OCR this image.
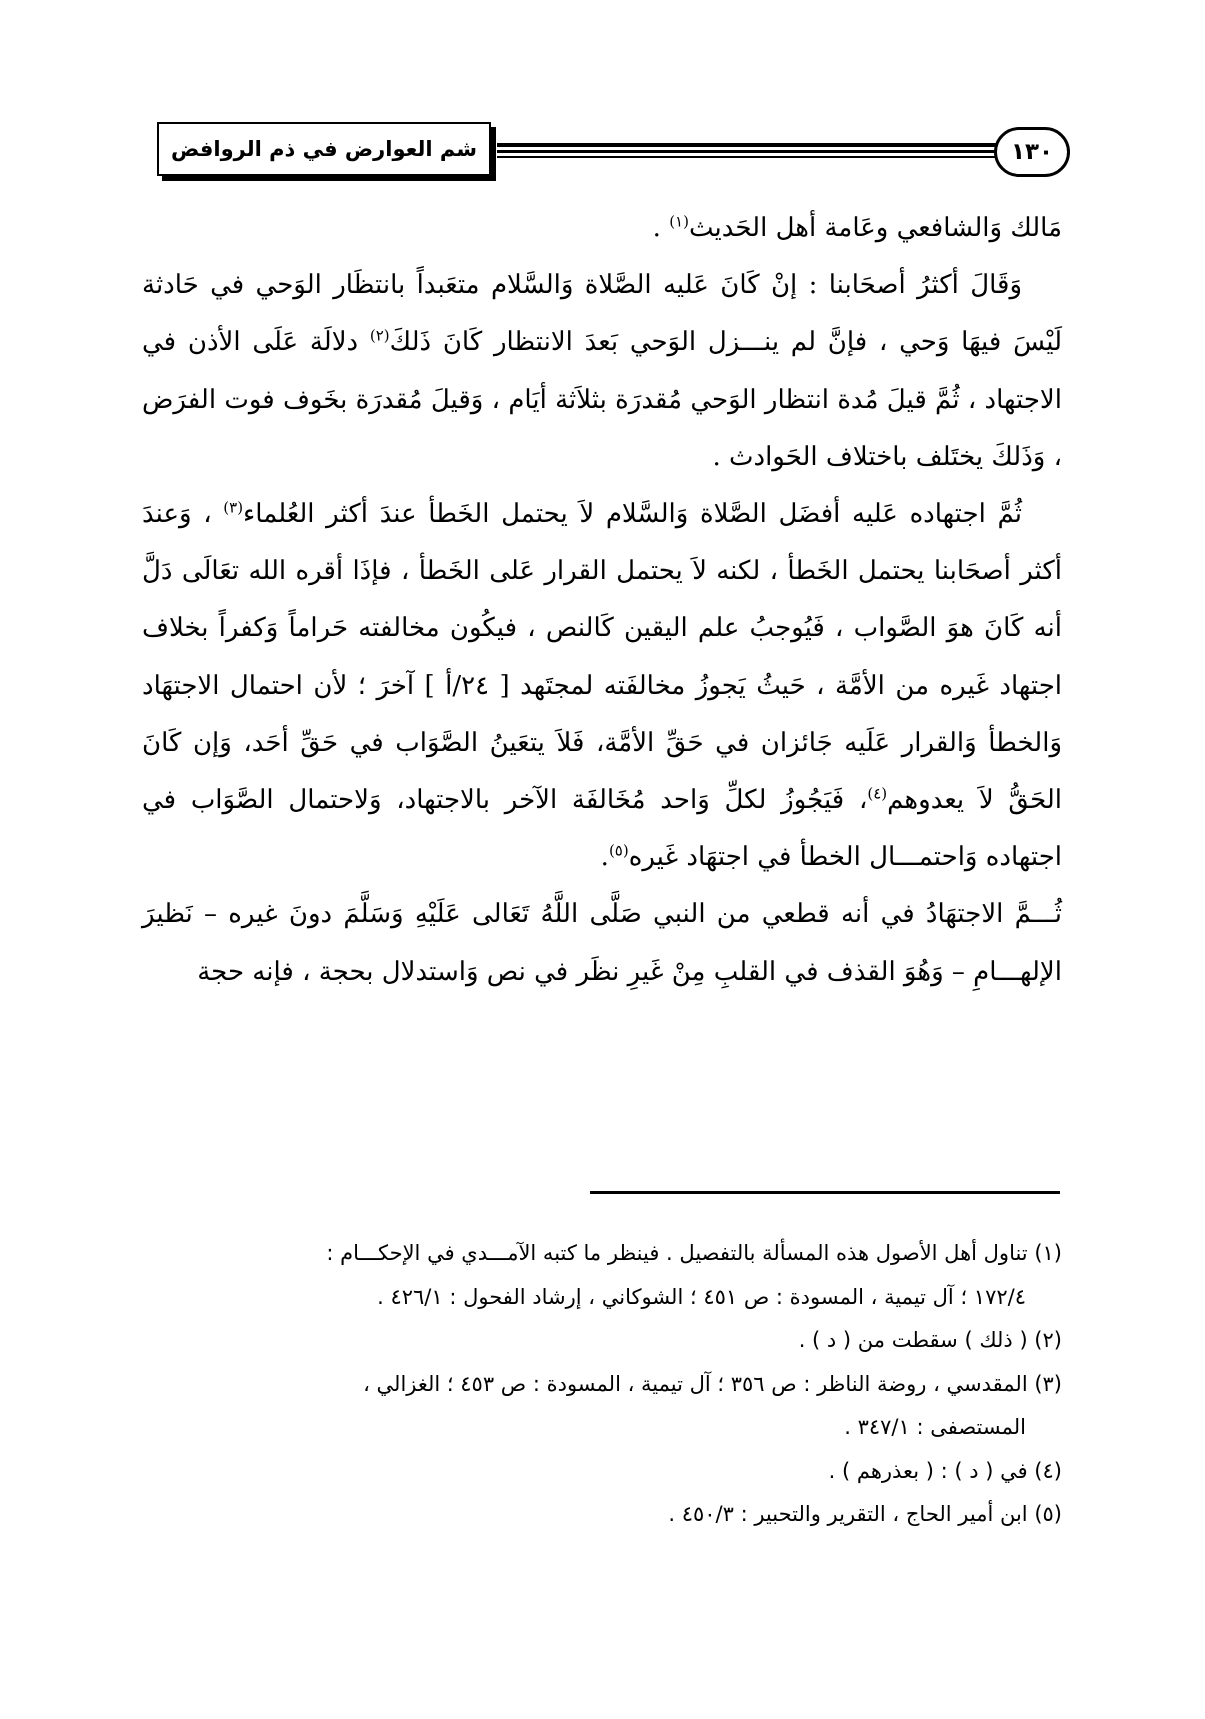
شم العوارض في ذم الروافض	١٣٠

مَالك وَالشافعي وعَامة أهل الحَديث$^{(١)}$ .

وَقَالَ أكثرُ أصحَابنا : إنْ كَانَ عَليه الصَّلاة وَالسَّلام متعَبداً بانتظَار الوَحي في حَادثة لَيْسَ فيهَا وَحي ، فإنَّ لم ينـــزل الوَحي بَعدَ الانتظار كَانَ ذَلكَ$^{(٢)}$ دلالَة عَلَى الأذن في الاجتهاد ، ثُمَّ قيلَ مُدة انتظار الوَحي مُقدرَة بثلاَثة أيَام ، وَقيلَ مُقدرَة بخَوف فوت الفرَض ، وَذَلكَ يختَلف باختلاف الحَوادث .

ثُمَّ اجتهاده عَليه أفضَل الصَّلاة وَالسَّلام لاَ يحتمل الخَطأ عندَ أكثر العُلماء$^{(٣)}$ ، وَعندَ أكثر أصحَابنا يحتمل الخَطأ ، لكنه لاَ يحتمل القرار عَلى الخَطأ ، فإذَا أقره الله تعَالَى دَلَّ أنه كَانَ هوَ الصَّواب ، فَيُوجبُ علم اليقين كَالنص ، فيكُون مخالفته حَراماً وَكفراً بخلاف اجتهاد غَيره من الأمَّة ، حَيثُ يَجوزُ مخالفَته لمجتَهد [ ٢٤/أ ] آخرَ ؛ لأن احتمال الاجتهَاد وَالخطأ وَالقرار عَلَيه جَائزان في حَقِّ الأمَّة، فَلاَ يتعَينُ الصَّوَاب في حَقِّ أحَد، وَإن كَانَ الحَقُّ لاَ يعدوهم$^{(٤)}$، فَيَجُوزُ لكلِّ وَاحد مُخَالفَة الآخر بالاجتهاد، وَلاحتمال الصَّوَاب في اجتهاده وَاحتمـــال الخطأ في اجتهَاد غَيره$^{(٥)}$.

ثُـــمَّ الاجتهَادُ في أنه قطعي من النبي صَلَّى اللَّهُ تَعَالى عَلَيْهِ وَسَلَّمَ دونَ غيره – نَظيرَ الإلهـــامِ – وَهُوَ القذف في القلبِ مِنْ غَيرِ نظَر في نص وَاستدلال بحجة ، فإنه حجة

(١) تناول أهل الأصول هذه المسألة بالتفصيل . فينظر ما كتبه الآمـــدي في الإحكـــام :
١٧٢/٤ ؛ آل تيمية ، المسودة : ص ٤٥١ ؛ الشوكاني ، إرشاد الفحول : ٤٢٦/١ .

(٢) ( ذلك ) سقطت من ( د ) .

(٣) المقدسي ، روضة الناظر : ص ٣٥٦ ؛ آل تيمية ، المسودة : ص ٤٥٣ ؛ الغزالي ،
المستصفى : ٣٤٧/١ .

(٤) في ( د ) : ( بعذرهم ) .

(٥) ابن أمير الحاج ، التقرير والتحبير : ٤٥٠/٣ .
